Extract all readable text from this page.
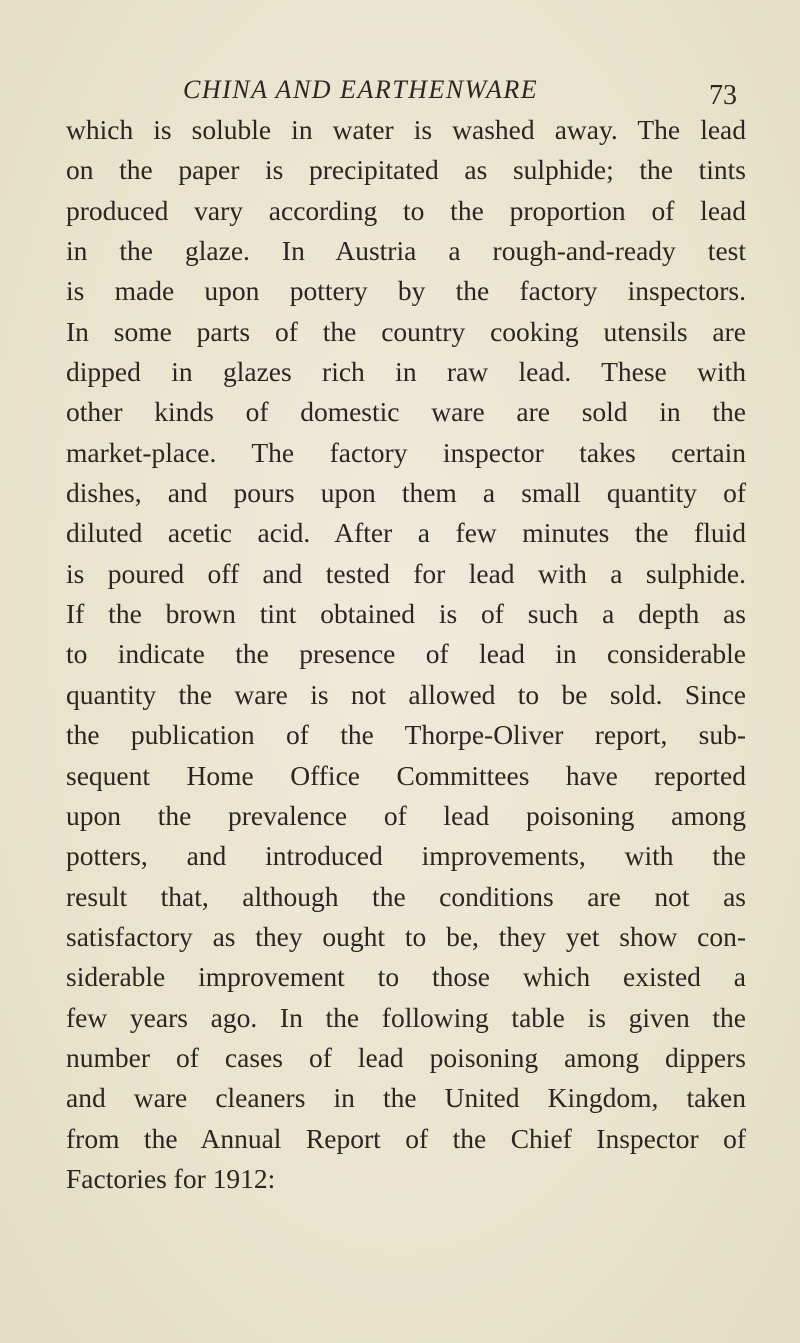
CHINA AND EARTHENWARE	73
which is soluble in water is washed away. The lead
on the paper is precipitated as sulphide; the tints
produced vary according to the proportion of lead
in the glaze. In Austria a rough-and-ready test
is made upon pottery by the factory inspectors.
In some parts of the country cooking utensils are
dipped in glazes rich in raw lead. These with
other kinds of domestic ware are sold in the
market-place. The factory inspector takes certain
dishes, and pours upon them a small quantity of
diluted acetic acid. After a few minutes the fluid
is poured off and tested for lead with a sulphide.
If the brown tint obtained is of such a depth as
to indicate the presence of lead in considerable
quantity the ware is not allowed to be sold. Since
the publication of the Thorpe-Oliver report, sub-
sequent Home Office Committees have reported
upon the prevalence of lead poisoning among
potters, and introduced improvements, with the
result that, although the conditions are not as
satisfactory as they ought to be, they yet show con-
siderable improvement to those which existed a
few years ago. In the following table is given the
number of cases of lead poisoning among dippers
and ware cleaners in the United Kingdom, taken
from the Annual Report of the Chief Inspector of
Factories for 1912:
